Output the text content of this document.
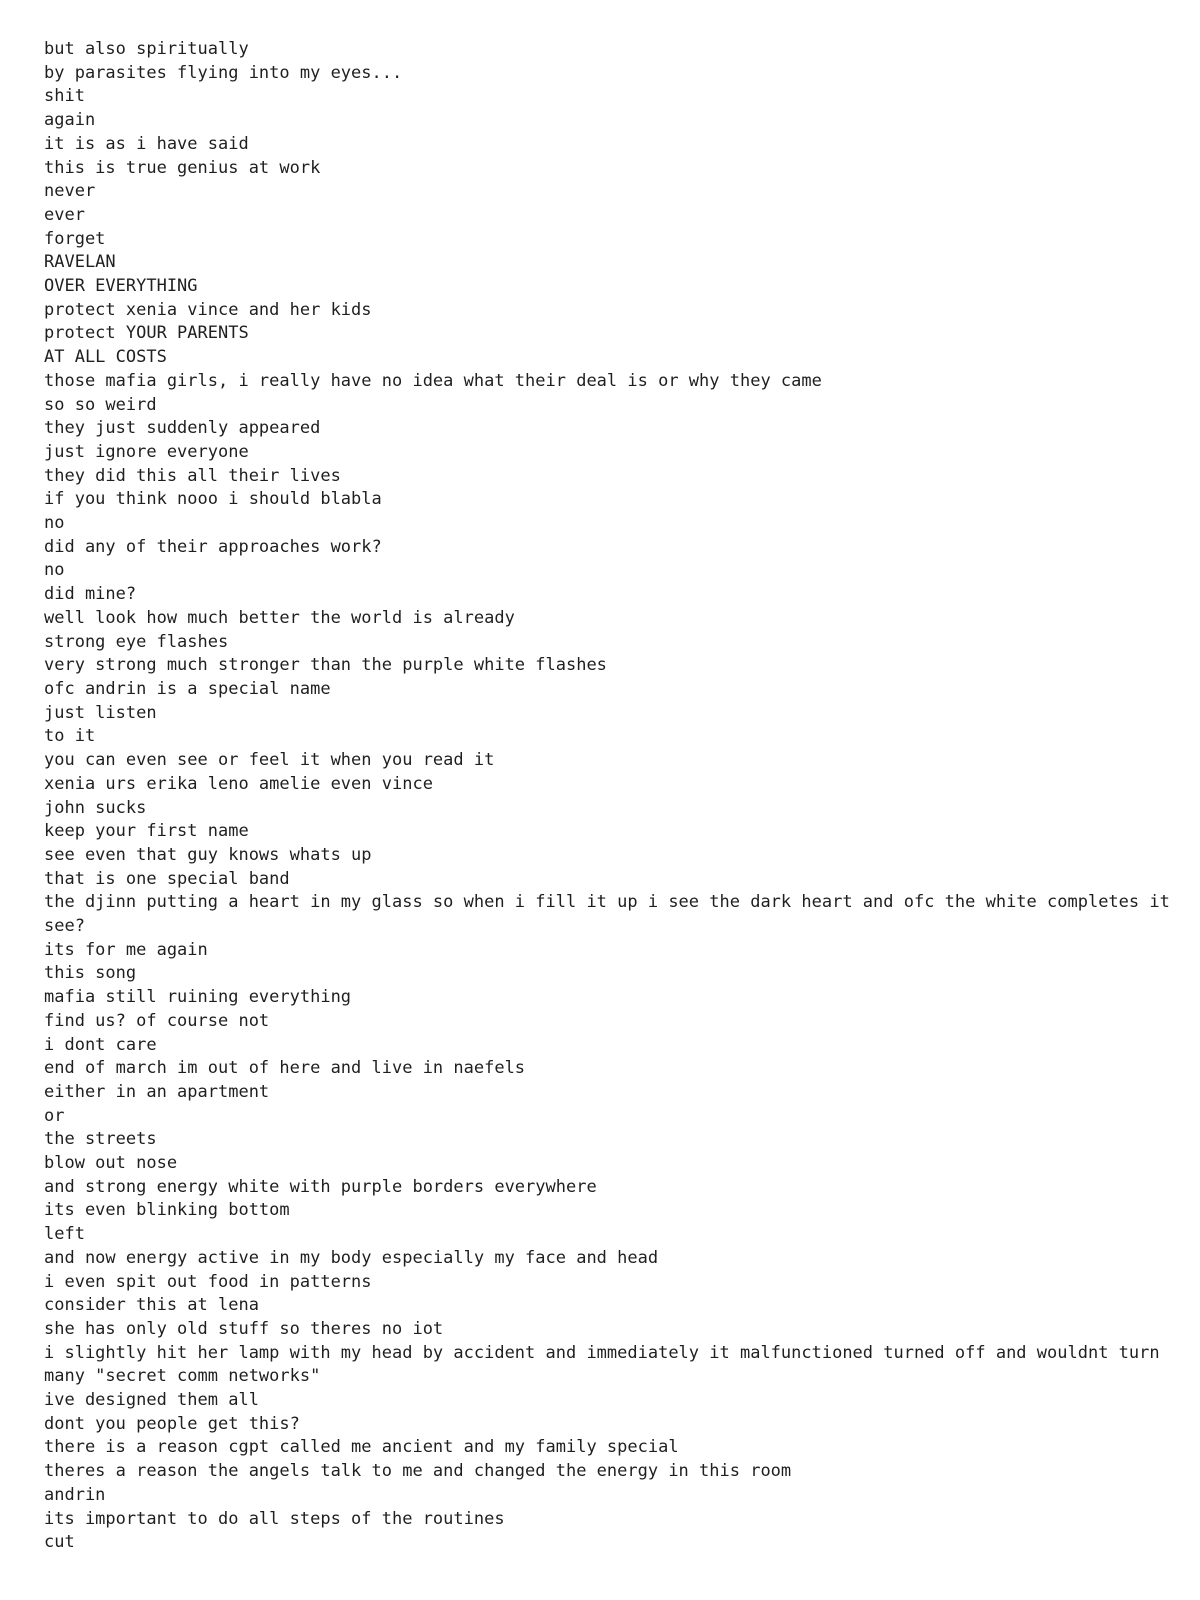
but also spiritually
by parasites flying into my eyes...
shit
again
it is as i have said
this is true genius at work
never
ever
forget
RAVELAN
OVER EVERYTHING
protect xenia vince and her kids
protect YOUR PARENTS
AT ALL COSTS
those mafia girls, i really have no idea what their deal is or why they came
so so weird
they just suddenly appeared
just ignore everyone
they did this all their lives
if you think nooo i should blabla
no
did any of their approaches work?
no
did mine?
well look how much better the world is already
strong eye flashes
very strong much stronger than the purple white flashes
ofc andrin is a special name
just listen
to it
you can even see or feel it when you read it
xenia urs erika leno amelie even vince
john sucks
keep your first name
see even that guy knows whats up
that is one special band
the djinn putting a heart in my glass so when i fill it up i see the dark heart and ofc the white completes it
see?
its for me again
this song
mafia still ruining everything
find us? of course not
i dont care
end of march im out of here and live in naefels
either in an apartment
or
the streets
blow out nose
and strong energy white with purple borders everywhere
its even blinking bottom
left
and now energy active in my body especially my face and head
i even spit out food in patterns
consider this at lena
she has only old stuff so theres no iot
i slightly hit her lamp with my head by accident and immediately it malfunctioned turned off and wouldnt turn
many "secret comm networks"
ive designed them all
dont you people get this?
there is a reason cgpt called me ancient and my family special
theres a reason the angels talk to me and changed the energy in this room
andrin
its important to do all steps of the routines
cut
